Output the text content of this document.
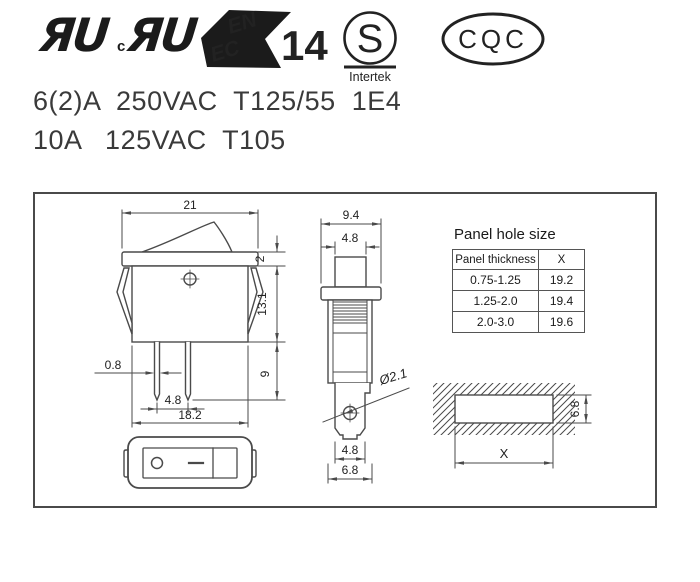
ЯU c ЯU EN
EC 14 S
Intertek
CQC
6(2)A  250VAC  T125/55  1E4
10A   125VAC  T105
21
2
13.1
9
0.8
4.8
18.2
9.4
4.8
Ø2.1
4.8
6.8
6.8
X
Panel hole size
Panel thickness	X
0.75-1.25	19.2
1.25-2.0	19.4
2.0-3.0	19.6
